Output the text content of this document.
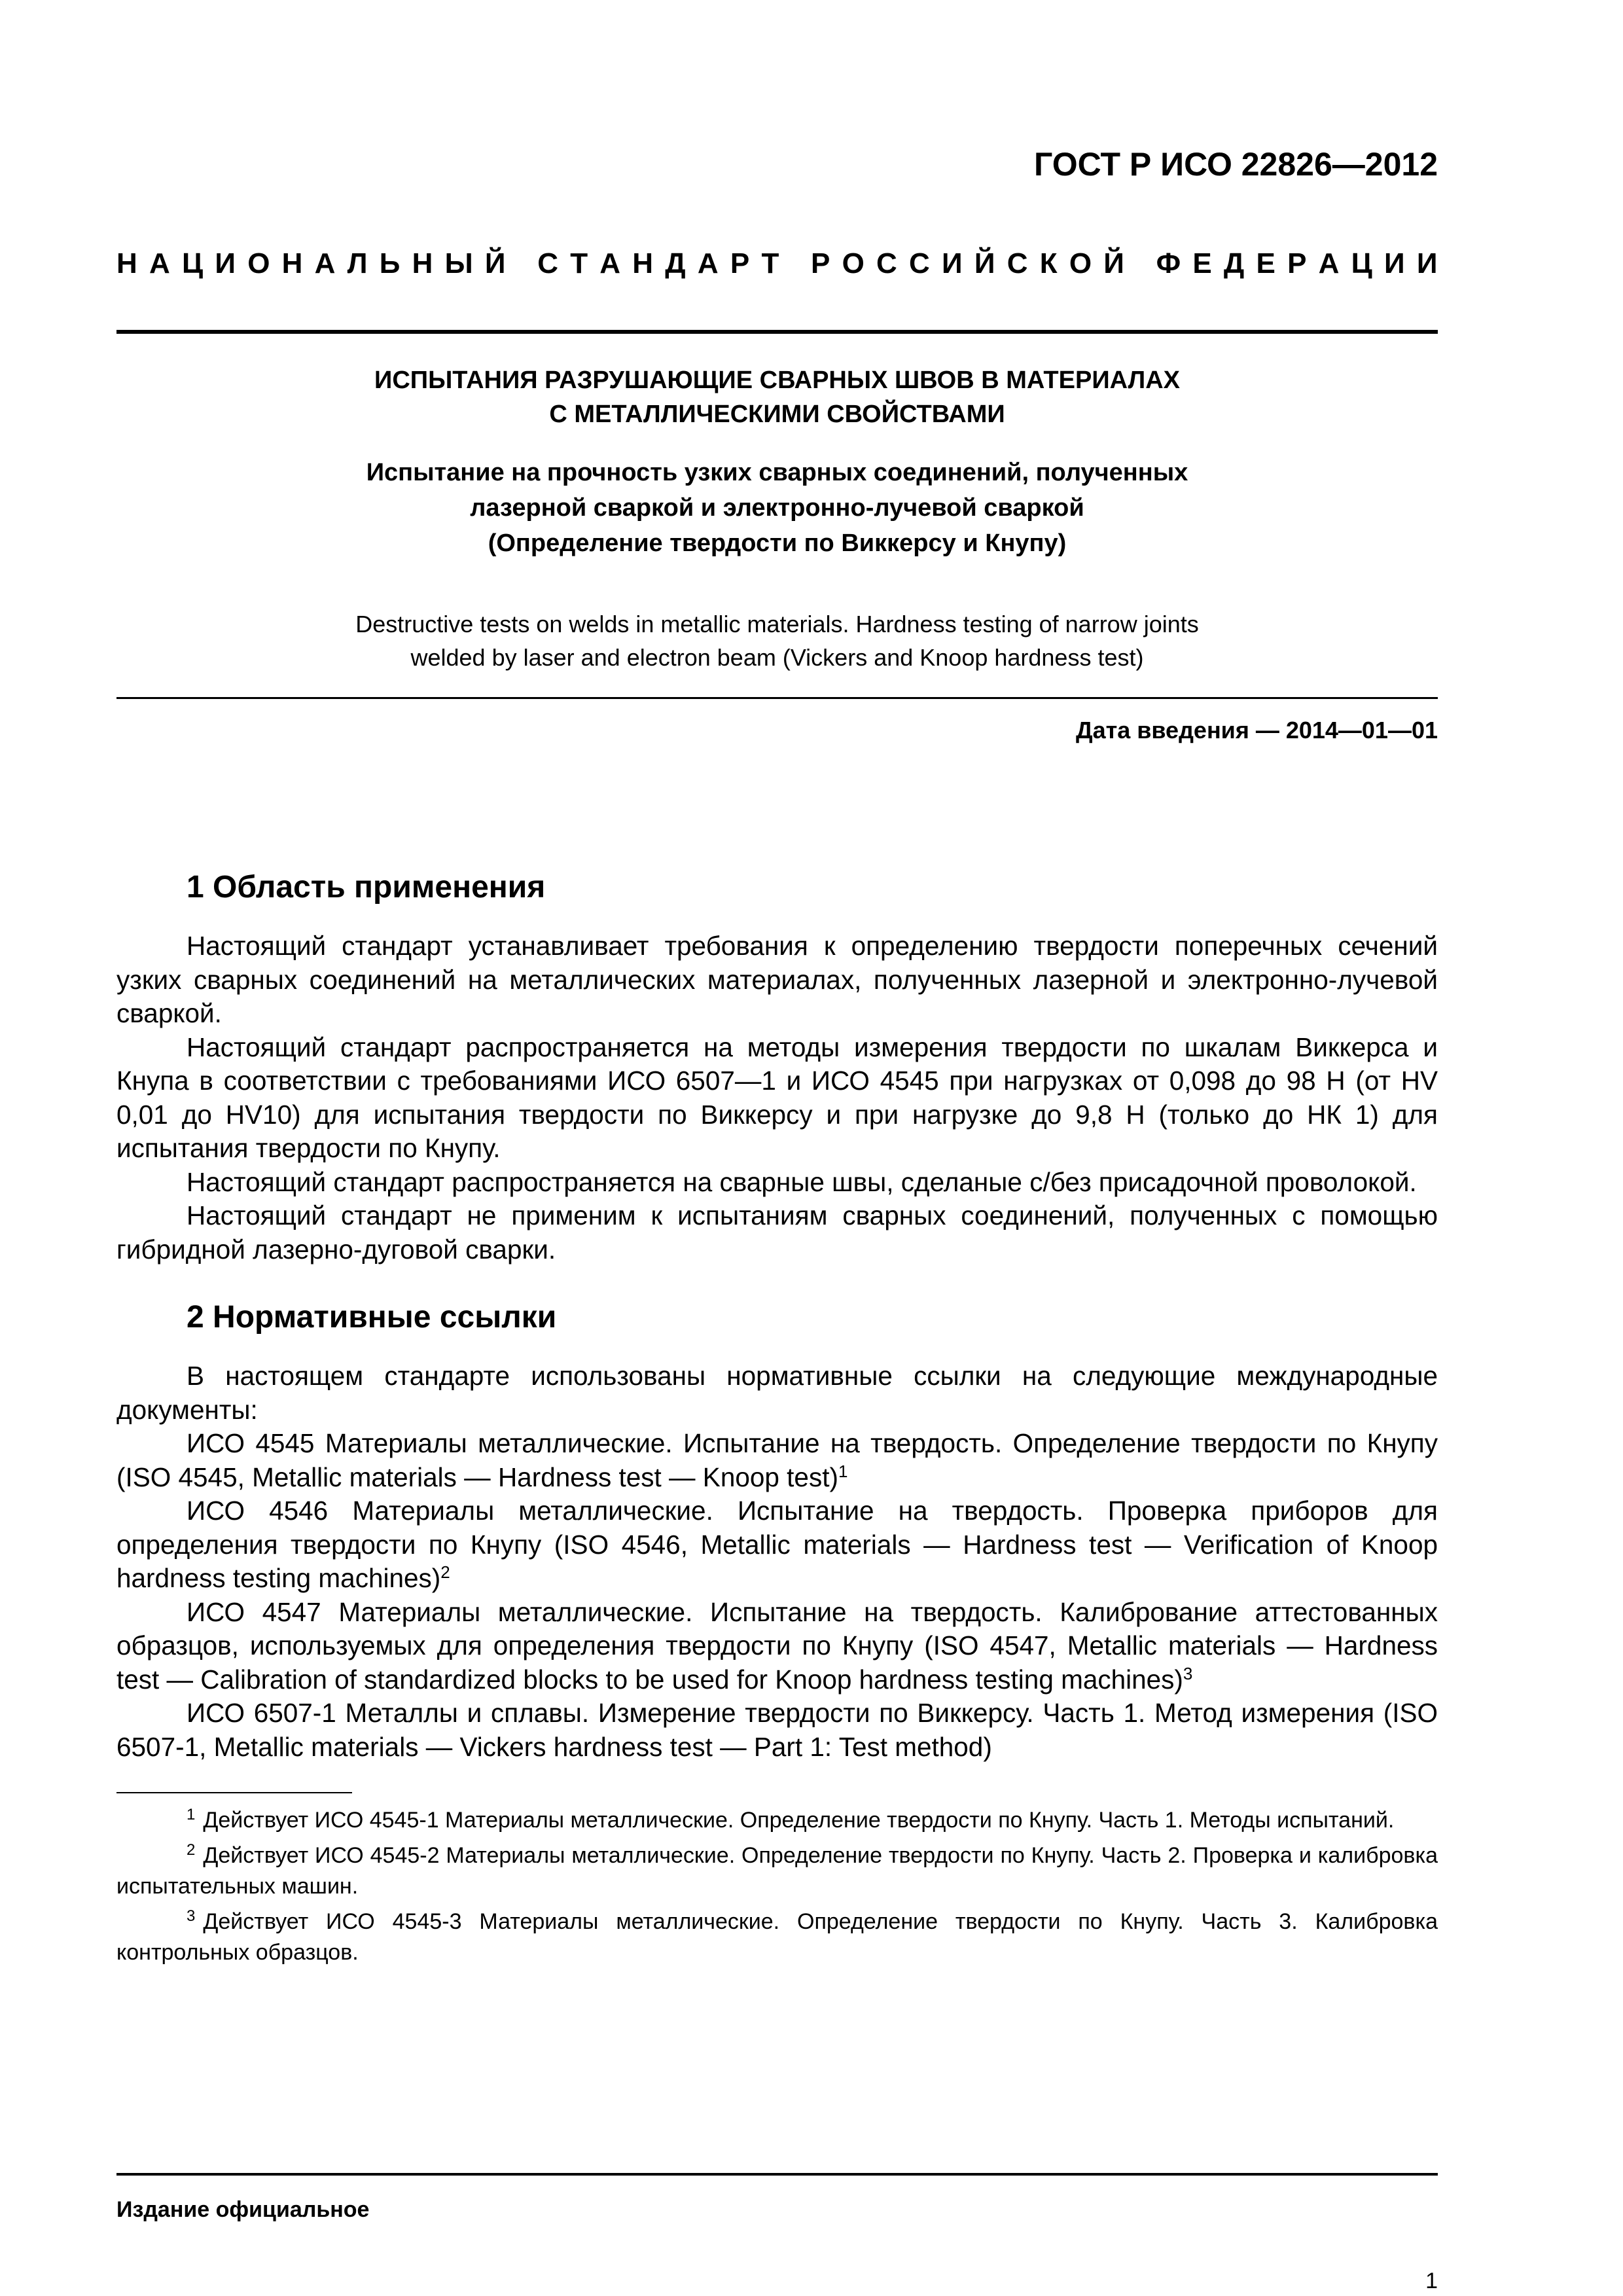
ГОСТ Р ИСО 22826—2012
Н А Ц И О Н А Л Ь Н Ы Й
С Т А Н Д А Р Т
Р О С С И Й С К О Й
Ф Е Д Е Р А Ц И И
ИСПЫТАНИЯ РАЗРУШАЮЩИЕ СВАРНЫХ ШВОВ В МАТЕРИАЛАХ
С МЕТАЛЛИЧЕСКИМИ СВОЙСТВАМИ
Испытание на прочность узких сварных соединений, полученных
лазерной сваркой и электронно-лучевой сваркой
(Определение твердости по Виккерсу и Кнупу)
Destructive tests on welds in metallic materials. Hardness testing of narrow joints
welded by laser and electron beam (Vickers and Knoop hardness test)
Дата введения — 2014—01—01
1 Область применения

Настоящий стандарт устанавливает требования к определению твердости поперечных сечений узких сварных соединений на металлических материалах, полученных лазерной и электронно-лучевой сваркой.

Настоящий стандарт распространяется на методы измерения твердости по шкалам Виккерса и Кнупа в соответствии с требованиями ИСО 6507—1 и ИСО 4545 при нагрузках от 0,098 до 98 Н (от HV 0,01 до HV10) для испытания твердости по Виккерсу и при нагрузке до 9,8 Н (только до НК 1) для испытания твердости по Кнупу.

Настоящий стандарт распространяется на сварные швы, сделаные с/без присадочной проволокой.

Настоящий стандарт не применим к испытаниям сварных соединений, полученных с помощью гибридной лазерно-дуговой сварки.

2 Нормативные ссылки

В настоящем стандарте использованы нормативные ссылки на следующие международные документы:

ИСО 4545 Материалы металлические. Испытание на твердость. Определение твердости по Кнупу (ISO 4545, Metallic materials — Hardness test — Knoop test)$^1$

ИСО 4546 Материалы металлические. Испытание на твердость. Проверка приборов для определения твердости по Кнупу (ISO 4546, Metallic materials — Hardness test — Verification of Knoop hardness testing machines)$^2$

ИСО 4547 Материалы металлические. Испытание на твердость. Калибрование аттестованных образцов, используемых для определения твердости по Кнупу (ISO 4547, Metallic materials — Hardness test — Calibration of standardized blocks to be used for Knoop hardness testing machines)$^3$

ИСО 6507-1 Металлы и сплавы. Измерение твердости по Виккерсу. Часть 1. Метод измерения (ISO 6507-1, Metallic materials — Vickers hardness test — Part 1: Test method)

$^1$ Действует ИСО 4545-1 Материалы металлические. Определение твердости по Кнупу. Часть 1. Методы испытаний.

$^2$ Действует ИСО 4545-2 Материалы металлические. Определение твердости по Кнупу. Часть 2. Проверка и калибровка испытательных машин.

$^3$ Действует ИСО 4545-3 Материалы металлические. Определение твердости по Кнупу. Часть 3. Калибровка контрольных образцов.

Издание официальное
1
